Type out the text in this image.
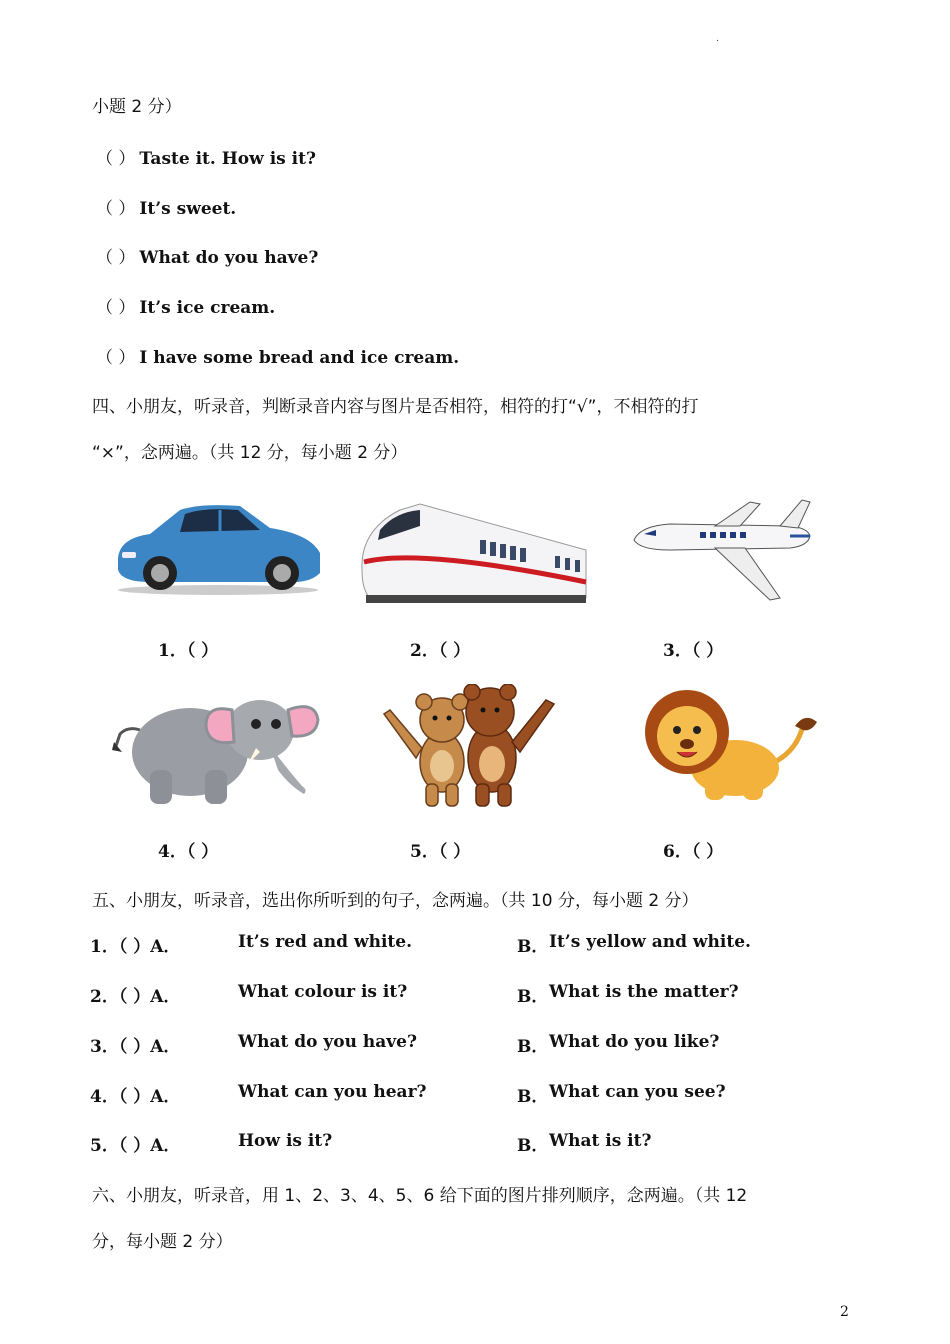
.
小题 2 分）
（ ） Taste it. How is it?
（ ） It’s sweet.
（ ） What do you have?
（ ） It’s ice cream.
（ ） I have some bread and ice cream.
四、小朋友，听录音，判断录音内容与图片是否相符，相符的打“√”，不相符的打
“×”，念两遍。（共 12 分，每小题 2 分）
1．（ ）	2．（ ）	3．（ ）
4．（ ）	5．（ ）	6．（ ）
五、小朋友，听录音，选出你所听到的句子，念两遍。（共 10 分，每小题 2 分）
1．（ ）A．	It’s red and white.	B． It’s yellow and white.
2．（ ）A．	What colour is it?	B． What is the matter?
3．（ ）A．	What do you have?	B． What do you like?
4．（ ）A．	What can you hear?	B． What can you see?
5．（ ）A．	How is it?	B． What is it?
六、小朋友，听录音，用 1、2、3、4、5、6 给下面的图片排列顺序，念两遍。（共 12
分，每小题 2 分）
2
